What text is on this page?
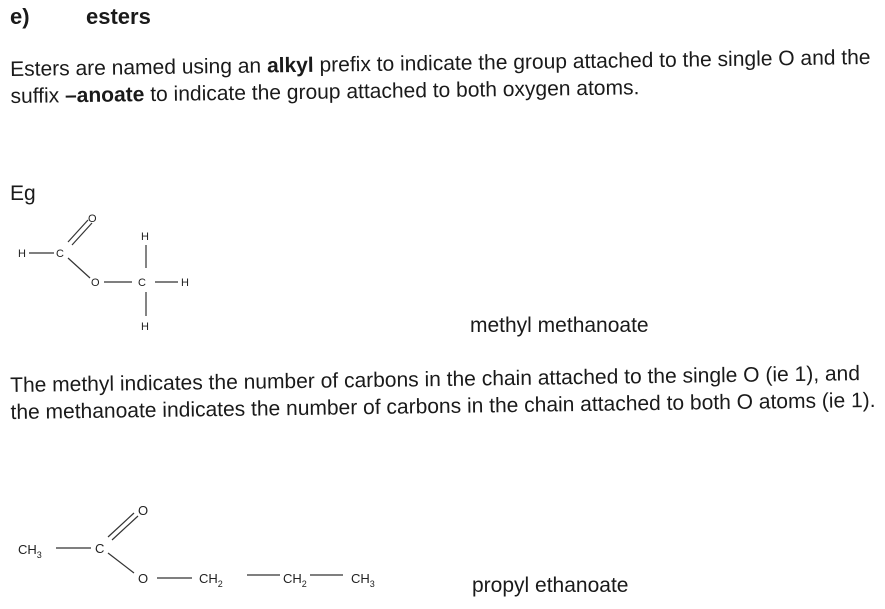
e)	esters
Esters are named using an alkyl prefix to indicate the group attached to the single O and the suffix –anoate to indicate the group attached to both oxygen atoms.
Eg
H	C
O
O	C
H
H
H
$CH_3$	C
O
O	$CH_2$	$CH_2$	$CH_3$
methyl methanoate
The methyl indicates the number of carbons in the chain attached to the single O (ie 1), and the methanoate indicates the number of carbons in the chain attached to both O atoms (ie 1).
propyl ethanoate
